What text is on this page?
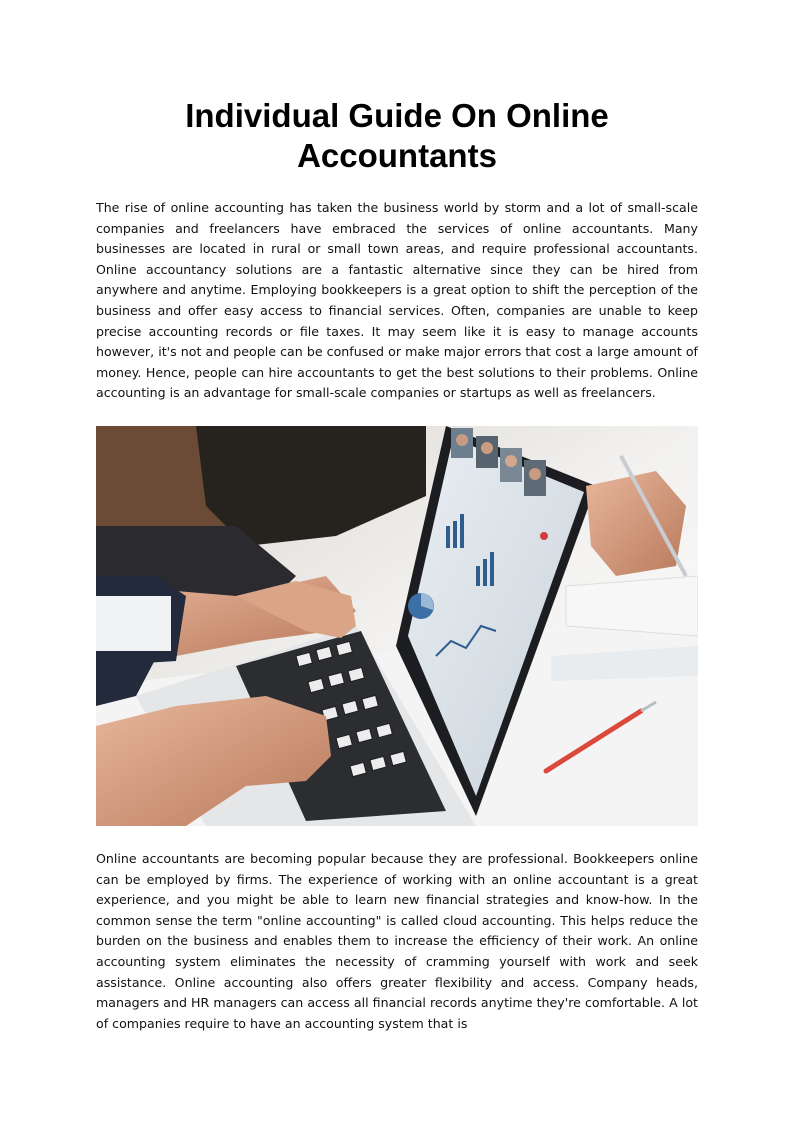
Individual Guide On Online
Accountants

The rise of online accounting has taken the business world by storm and a lot of small-scale companies and freelancers have embraced the services of online accountants. Many businesses are located in rural or small town areas, and require professional accountants. Online accountancy solutions are a fantastic alternative since they can be hired from anywhere and anytime. Employing bookkeepers is a great option to shift the perception of the business and offer easy access to financial services. Often, companies are unable to keep precise accounting records or file taxes. It may seem like it is easy to manage accounts however, it's not and people can be confused or make major errors that cost a large amount of money. Hence, people can hire accountants to get the best solutions to their problems. Online accounting is an advantage for small-scale companies or startups as well as freelancers.

Online accountants are becoming popular because they are professional. Bookkeepers online can be employed by firms. The experience of working with an online accountant is a great experience, and you might be able to learn new financial strategies and know-how. In the common sense the term "online accounting" is called cloud accounting. This helps reduce the burden on the business and enables them to increase the efficiency of their work. An online accounting system eliminates the necessity of cramming yourself with work and seek assistance. Online accounting also offers greater flexibility and access. Company heads, managers and HR managers can access all financial records anytime they're comfortable. A lot of companies require to have an accounting system that is
